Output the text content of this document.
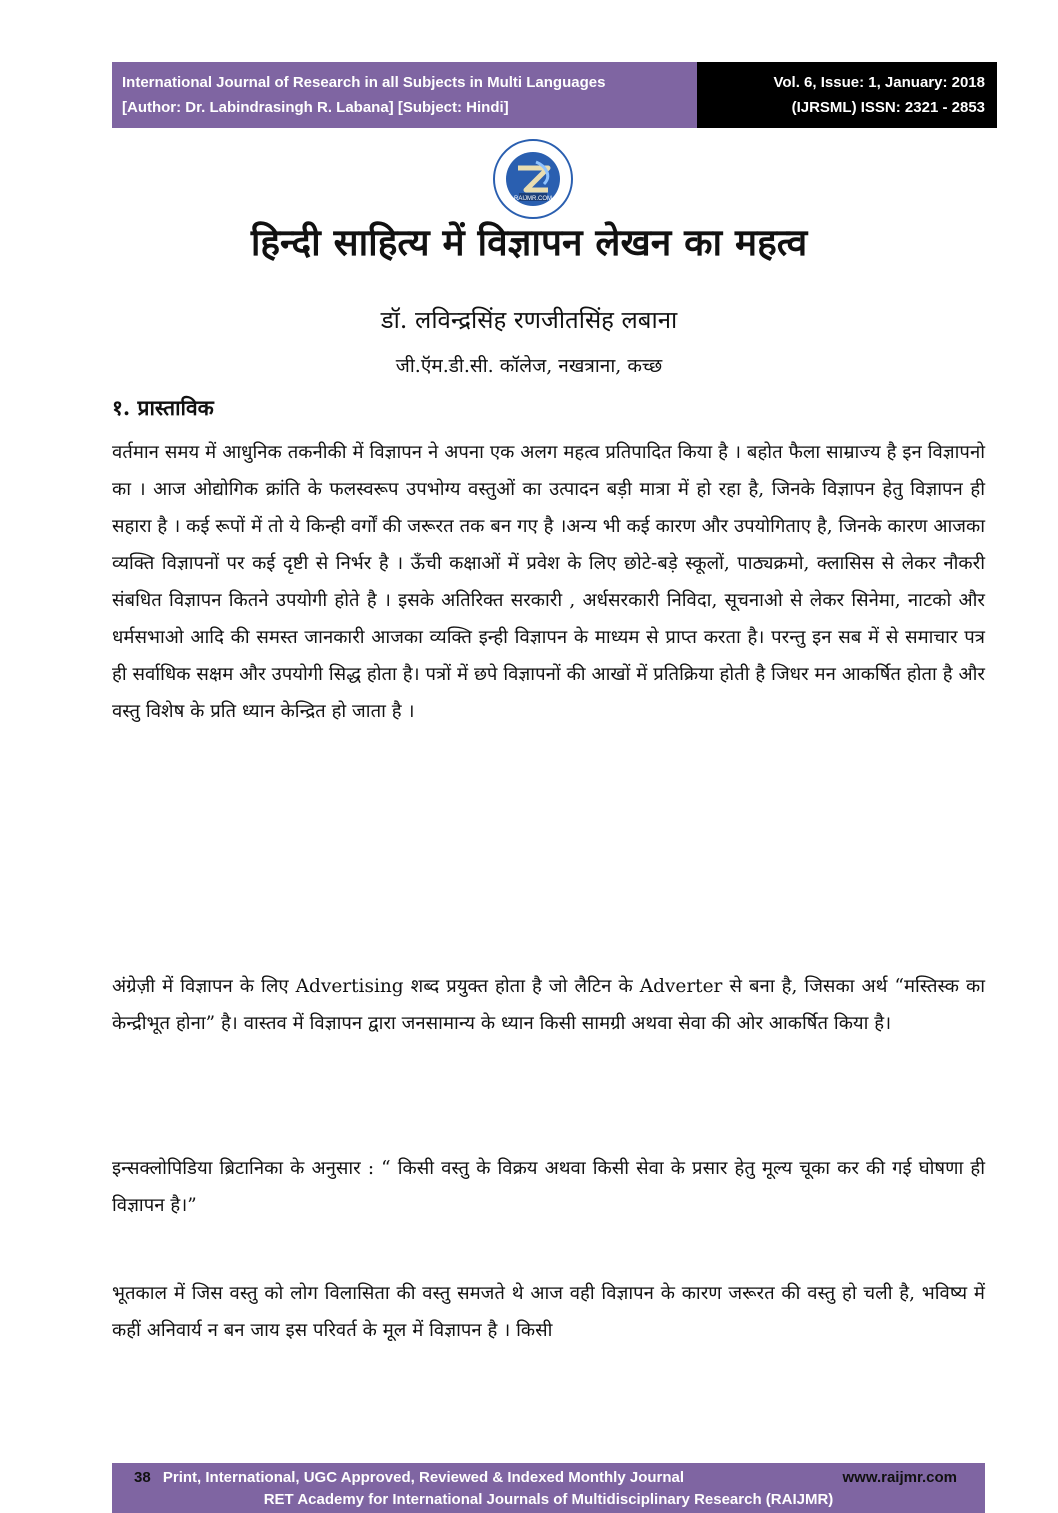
International Journal of Research in all Subjects in Multi Languages
[Author: Dr. Labindrasingh R. Labana] [Subject: Hindi]
Vol. 6, Issue: 1, January: 2018
(IJRSML) ISSN: 2321 - 2853
RAIJMR.COM
हिन्दी साहित्य में विज्ञापन लेखन का महत्व
डॉ. लविन्द्रसिंह रणजीतसिंह लबाना
जी.ऍम.डी.सी. कॉलेज, नखत्राना, कच्छ
१. प्रास्ताविक

वर्तमान समय में आधुनिक तकनीकी में विज्ञापन ने अपना एक अलग महत्व प्रतिपादित किया है । बहोत फैला साम्राज्य है इन विज्ञापनो का । आज ओद्योगिक क्रांति के फलस्वरूप उपभोग्य वस्तुओं का उत्पादन बड़ी मात्रा में हो रहा है, जिनके विज्ञापन हेतु विज्ञापन ही सहारा है । कई रूपों में तो ये किन्ही वर्गों की जरूरत तक बन गए है ।अन्य भी कई कारण और उपयोगिताए है, जिनके कारण आजका व्यक्ति विज्ञापनों पर कई दृष्टी से निर्भर है । ऊँची कक्षाओं में प्रवेश के लिए छोटे-बड़े स्कूलों, पाठ्यक्रमो, क्लासिस से लेकर नौकरी संबधित विज्ञापन कितने उपयोगी होते है । इसके अतिरिक्त सरकारी , अर्धसरकारी निविदा, सूचनाओ से लेकर सिनेमा, नाटको और धर्मसभाओ आदि की समस्त जानकारी आजका व्यक्ति इन्ही विज्ञापन के माध्यम से प्राप्त करता है। परन्तु इन सब में से समाचार पत्र ही सर्वाधिक सक्षम और उपयोगी सिद्ध होता है। पत्रों में छपे विज्ञापनों की आखों में प्रतिक्रिया होती है जिधर मन आकर्षित होता है और वस्तु विशेष के प्रति ध्यान केन्द्रित हो जाता है ।

अंग्रेज़ी में विज्ञापन के लिए Advertising शब्द प्रयुक्त होता है जो लैटिन के Adverter से बना है, जिसका अर्थ “मस्तिस्क का केन्द्रीभूत होना” है। वास्तव में विज्ञापन द्वारा जनसामान्य के ध्यान किसी सामग्री अथवा सेवा की ओर आकर्षित किया है।

इन्सक्लोपिडिया ब्रिटानिका के अनुसार : “ किसी वस्तु के विक्रय अथवा किसी सेवा के प्रसार हेतु मूल्य चूका कर की गई घोषणा ही विज्ञापन है।”

भूतकाल में जिस वस्तु को लोग विलासिता की वस्तु समजते थे आज वही विज्ञापन के कारण जरूरत की वस्तु हो चली है, भविष्य में कहीं अनिवार्य न बन जाय इस परिवर्त के मूल में विज्ञापन है । किसी

38 Print, International, UGC Approved, Reviewed & Indexed Monthly Journal	www.raijmr.com
RET Academy for International Journals of Multidisciplinary Research (RAIJMR)
